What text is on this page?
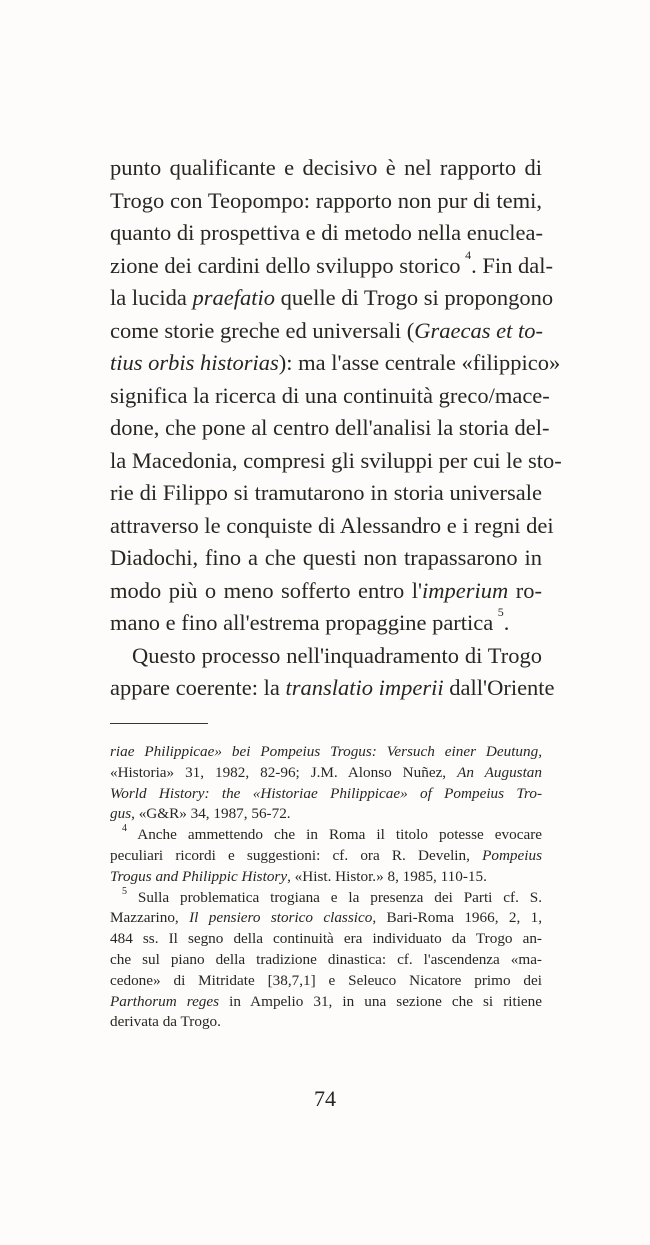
punto qualificante e decisivo è nel rapporto di
Trogo con Teopompo: rapporto non pur di temi,
quanto di prospettiva e di metodo nella enuclea-
zione dei cardini dello sviluppo storico  $^4$. Fin dal-
la lucida praefatio quelle di Trogo si propongono
come storie greche ed universali (Graecas et to-
tius orbis historias): ma l'asse centrale «filippico»
significa la ricerca di una continuità greco/mace-
done, che pone al centro dell'analisi la storia del-
la Macedonia, compresi gli sviluppi per cui le sto-
rie di Filippo si tramutarono in storia universale
attraverso le conquiste di Alessandro e i regni dei
Diadochi, fino a che questi non trapassarono in
modo più o meno sofferto entro l'imperium ro-
mano e fino all'estrema propaggine partica  $^5$.
Questo processo nell'inquadramento di Trogo
appare coerente: la translatio imperii dall'Oriente
riae Philippicae» bei Pompeius Trogus: Versuch einer Deutung,
«Historia» 31, 1982, 82-96; J.M. Alonso Nuñez, An Augustan
World History: the «Historiae Philippicae» of Pompeius Tro-
gus, «G&R» 34, 1987, 56-72.
$^4$ Anche ammettendo che in Roma il titolo potesse evocare
peculiari ricordi e suggestioni: cf. ora R. Develin, Pompeius
Trogus and Philippic History, «Hist. Histor.» 8, 1985, 110-15.
$^5$ Sulla problematica trogiana e la presenza dei Parti cf. S.
Mazzarino, Il pensiero storico classico, Bari-Roma 1966, 2, 1,
484 ss. Il segno della continuità era individuato da Trogo an-
che sul piano della tradizione dinastica: cf. l'ascendenza «ma-
cedone» di Mitridate [38,7,1] e Seleuco Nicatore primo dei
Parthorum reges in Ampelio 31, in una sezione che si ritiene
derivata da Trogo.
74
